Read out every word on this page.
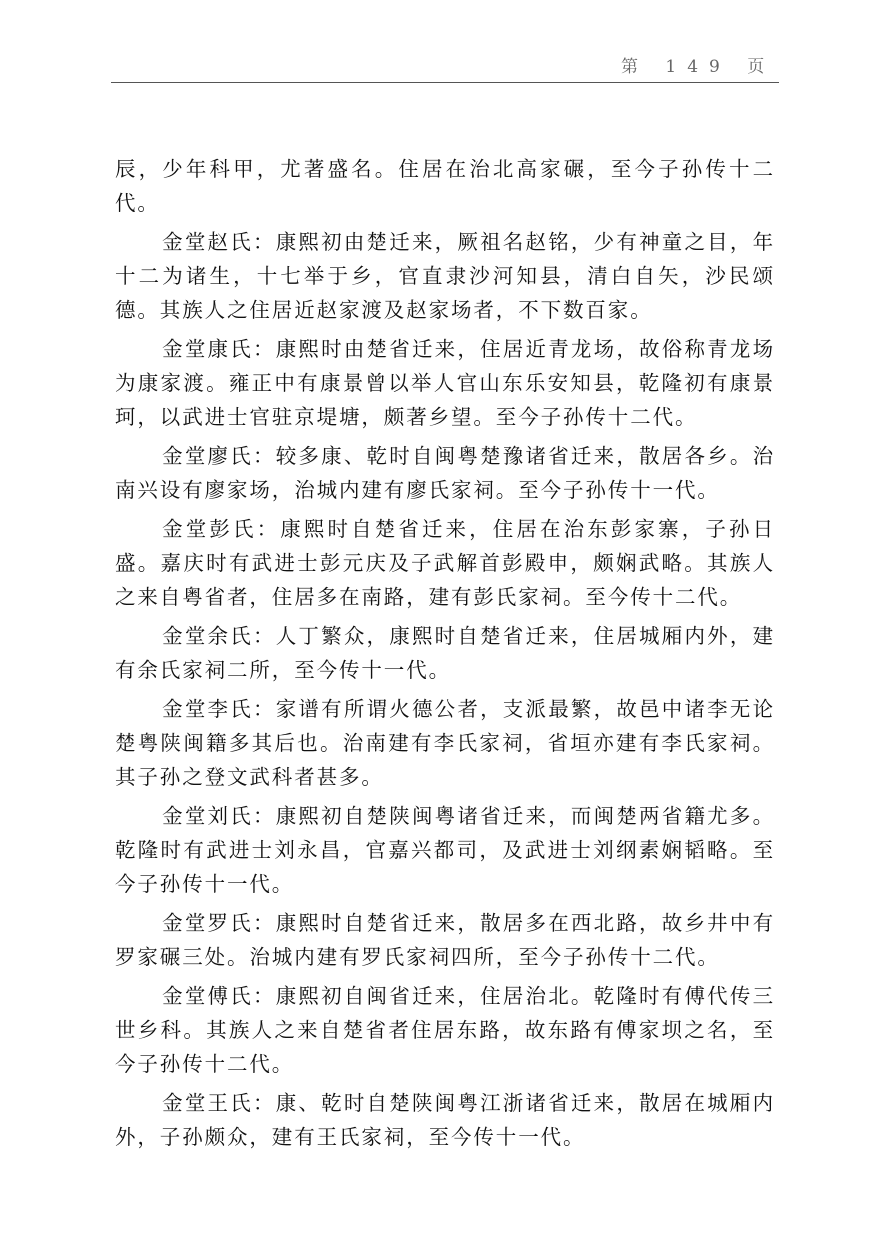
第 149 页

辰，少年科甲，尤著盛名。住居在治北高家碾，至今子孙传十二代。

金堂赵氏：康熙初由楚迁来，厥祖名赵铭，少有神童之目，年十二为诸生，十七举于乡，官直隶沙河知县，清白自矢，沙民颂德。其族人之住居近赵家渡及赵家场者，不下数百家。

金堂康氏：康熙时由楚省迁来，住居近青龙场，故俗称青龙场为康家渡。雍正中有康景曾以举人官山东乐安知县，乾隆初有康景珂，以武进士官驻京堤塘，颇著乡望。至今子孙传十二代。

金堂廖氏：较多康、乾时自闽粤楚豫诸省迁来，散居各乡。治南兴设有廖家场，治城内建有廖氏家祠。至今子孙传十一代。

金堂彭氏：康熙时自楚省迁来，住居在治东彭家寨，子孙日盛。嘉庆时有武进士彭元庆及子武解首彭殿申，颇娴武略。其族人之来自粤省者，住居多在南路，建有彭氏家祠。至今传十二代。

金堂余氏：人丁繁众，康熙时自楚省迁来，住居城厢内外，建有余氏家祠二所，至今传十一代。

金堂李氏：家谱有所谓火德公者，支派最繁，故邑中诸李无论楚粤陕闽籍多其后也。治南建有李氏家祠，省垣亦建有李氏家祠。其子孙之登文武科者甚多。

金堂刘氏：康熙初自楚陕闽粤诸省迁来，而闽楚两省籍尤多。乾隆时有武进士刘永昌，官嘉兴都司，及武进士刘纲素娴韬略。至今子孙传十一代。

金堂罗氏：康熙时自楚省迁来，散居多在西北路，故乡井中有罗家碾三处。治城内建有罗氏家祠四所，至今子孙传十二代。

金堂傅氏：康熙初自闽省迁来，住居治北。乾隆时有傅代传三世乡科。其族人之来自楚省者住居东路，故东路有傅家坝之名，至今子孙传十二代。

金堂王氏：康、乾时自楚陕闽粤江浙诸省迁来，散居在城厢内外，子孙颇众，建有王氏家祠，至今传十一代。
